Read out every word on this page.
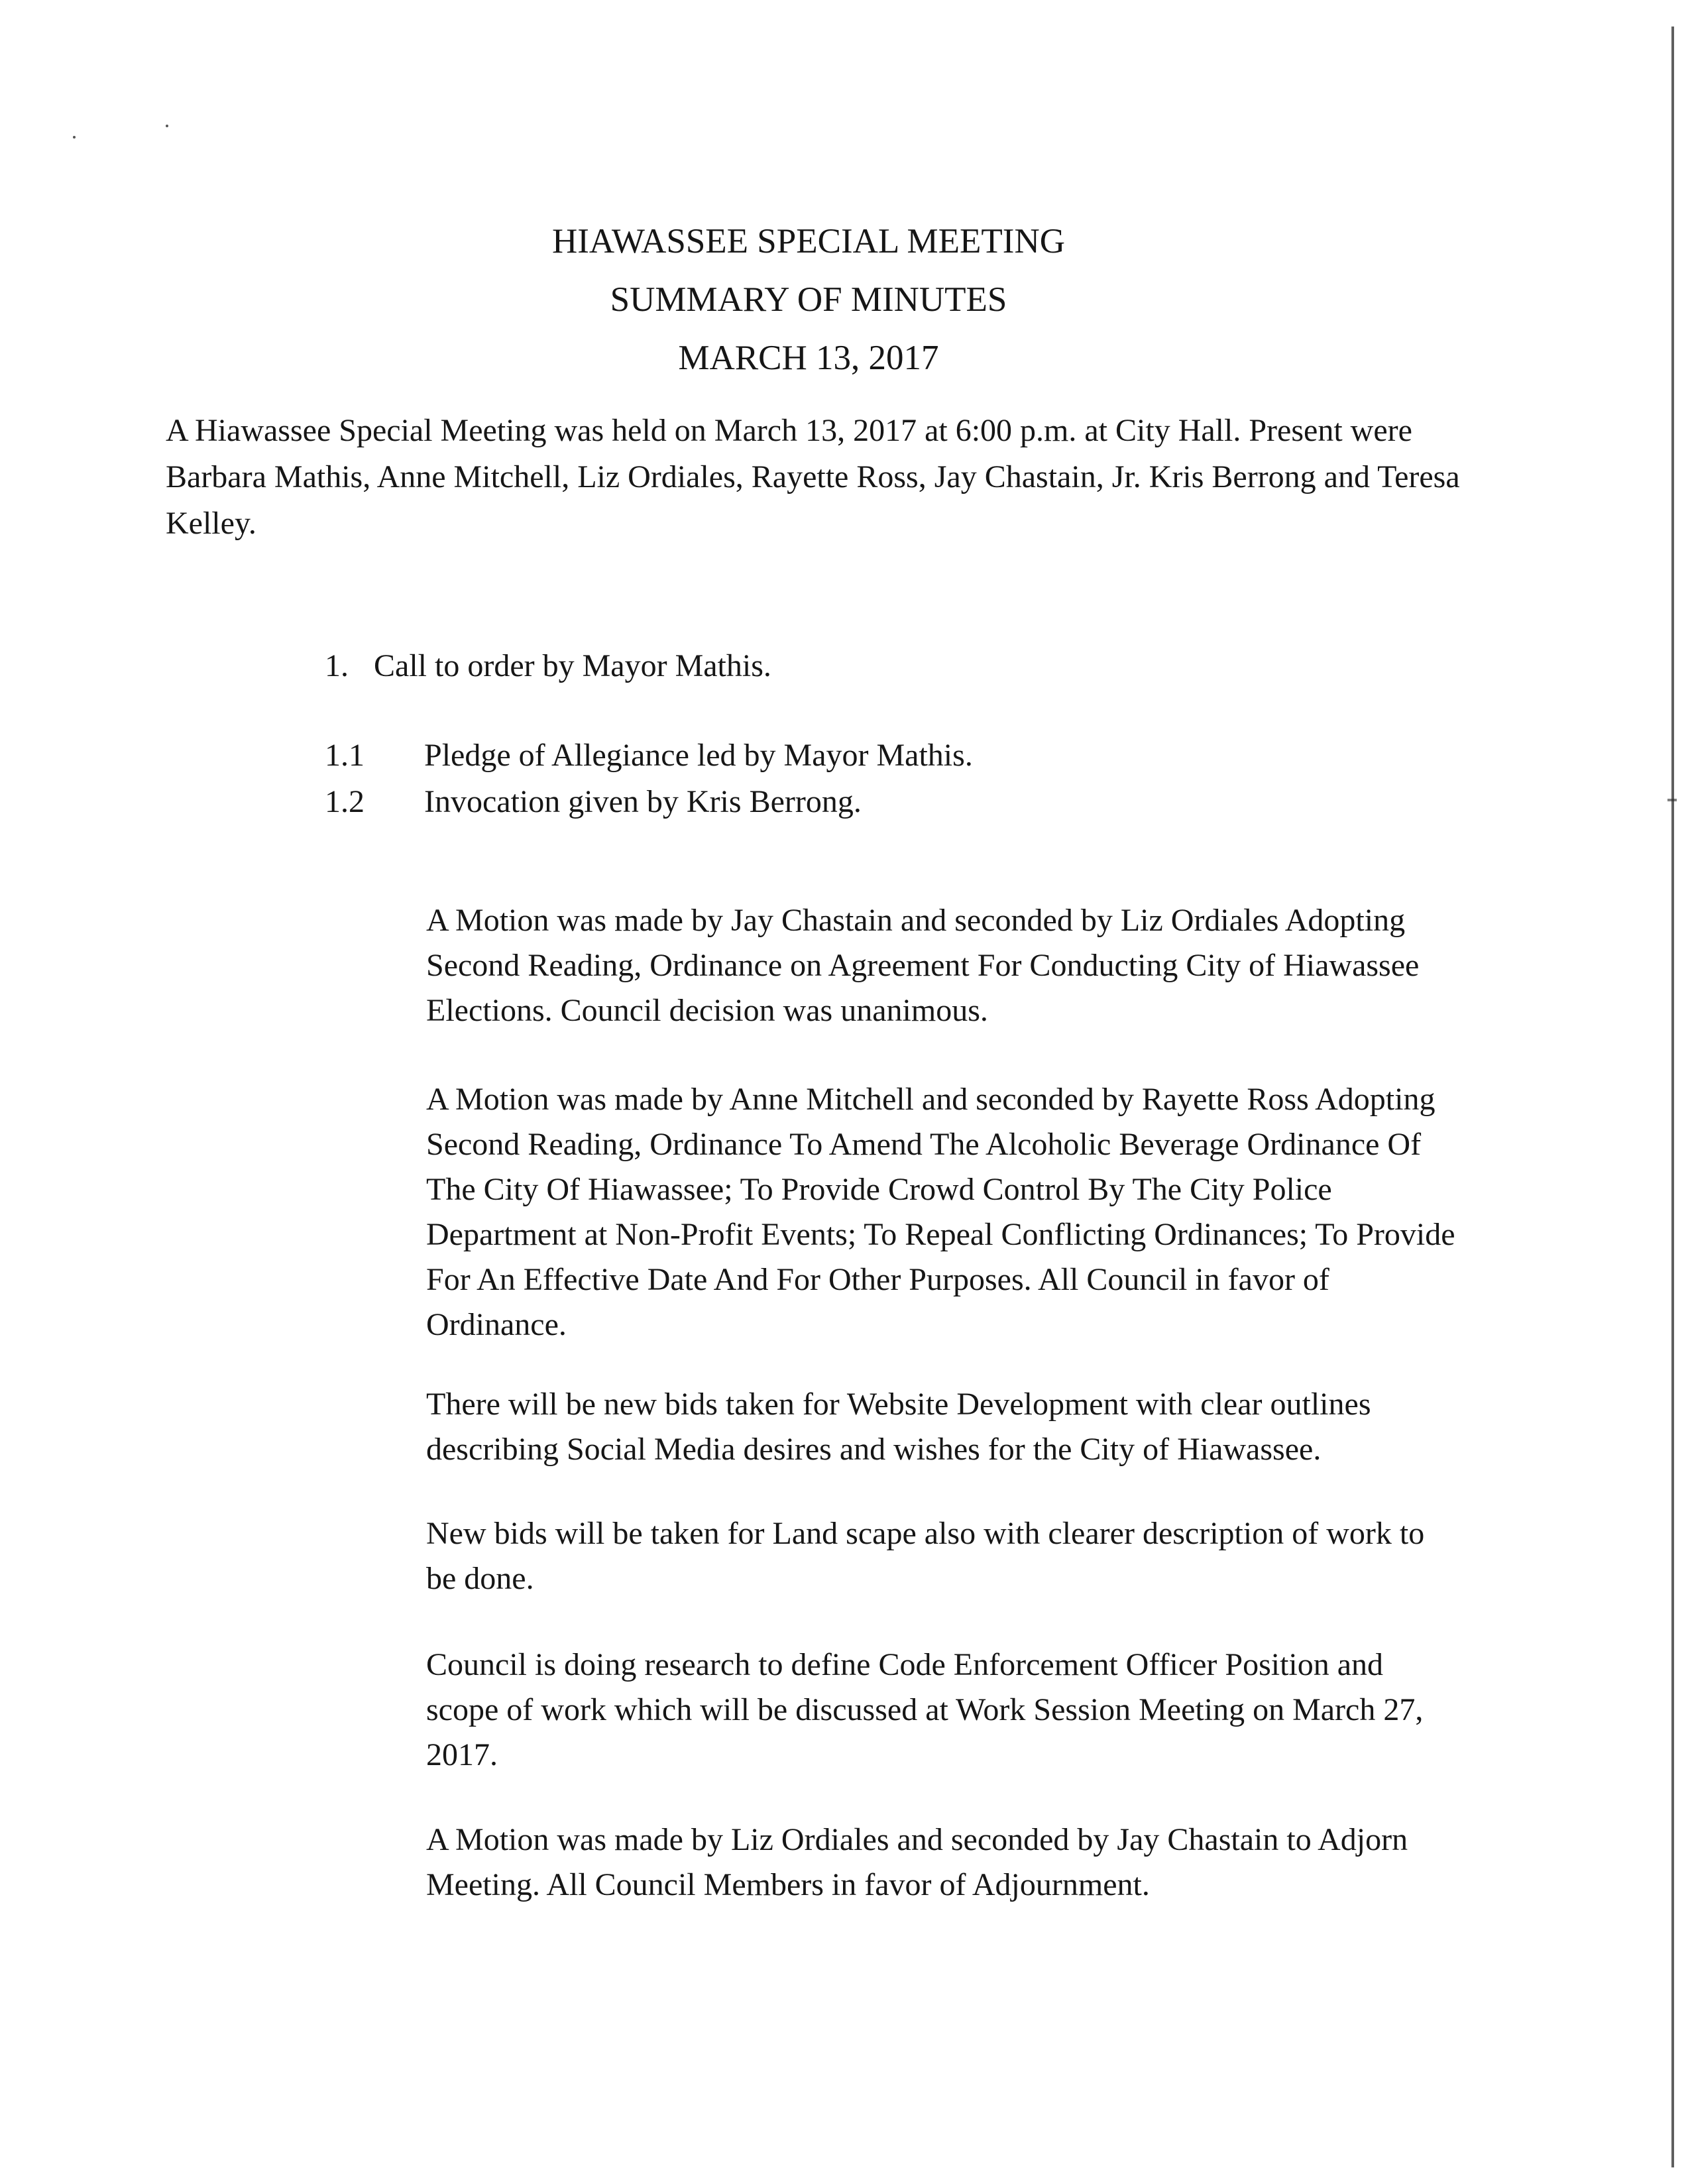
HIAWASSEE SPECIAL MEETING
SUMMARY OF MINUTES
MARCH 13, 2017

A Hiawassee Special Meeting was held on March 13, 2017 at 6:00 p.m. at City Hall. Present were Barbara Mathis, Anne Mitchell, Liz Ordiales, Rayette Ross, Jay Chastain, Jr. Kris Berrong and Teresa Kelley.

1. Call to order by Mayor Mathis.
1.1 Pledge of Allegiance led by Mayor Mathis.
1.2 Invocation given by Kris Berrong.

A Motion was made by Jay Chastain and seconded by Liz Ordiales Adopting Second Reading, Ordinance on Agreement For Conducting City of Hiawassee Elections. Council decision was unanimous.

A Motion was made by Anne Mitchell and seconded by Rayette Ross Adopting Second Reading, Ordinance To Amend The Alcoholic Beverage Ordinance Of The City Of Hiawassee; To Provide Crowd Control By The City Police Department at Non-Profit Events; To Repeal Conflicting Ordinances; To Provide For An Effective Date And For Other Purposes. All Council in favor of Ordinance.

There will be new bids taken for Website Development with clear outlines describing Social Media desires and wishes for the City of Hiawassee.

New bids will be taken for Land scape also with clearer description of work to be done.

Council is doing research to define Code Enforcement Officer Position and scope of work which will be discussed at Work Session Meeting on March 27, 2017.

A Motion was made by Liz Ordiales and seconded by Jay Chastain to Adjorn Meeting. All Council Members in favor of Adjournment.
